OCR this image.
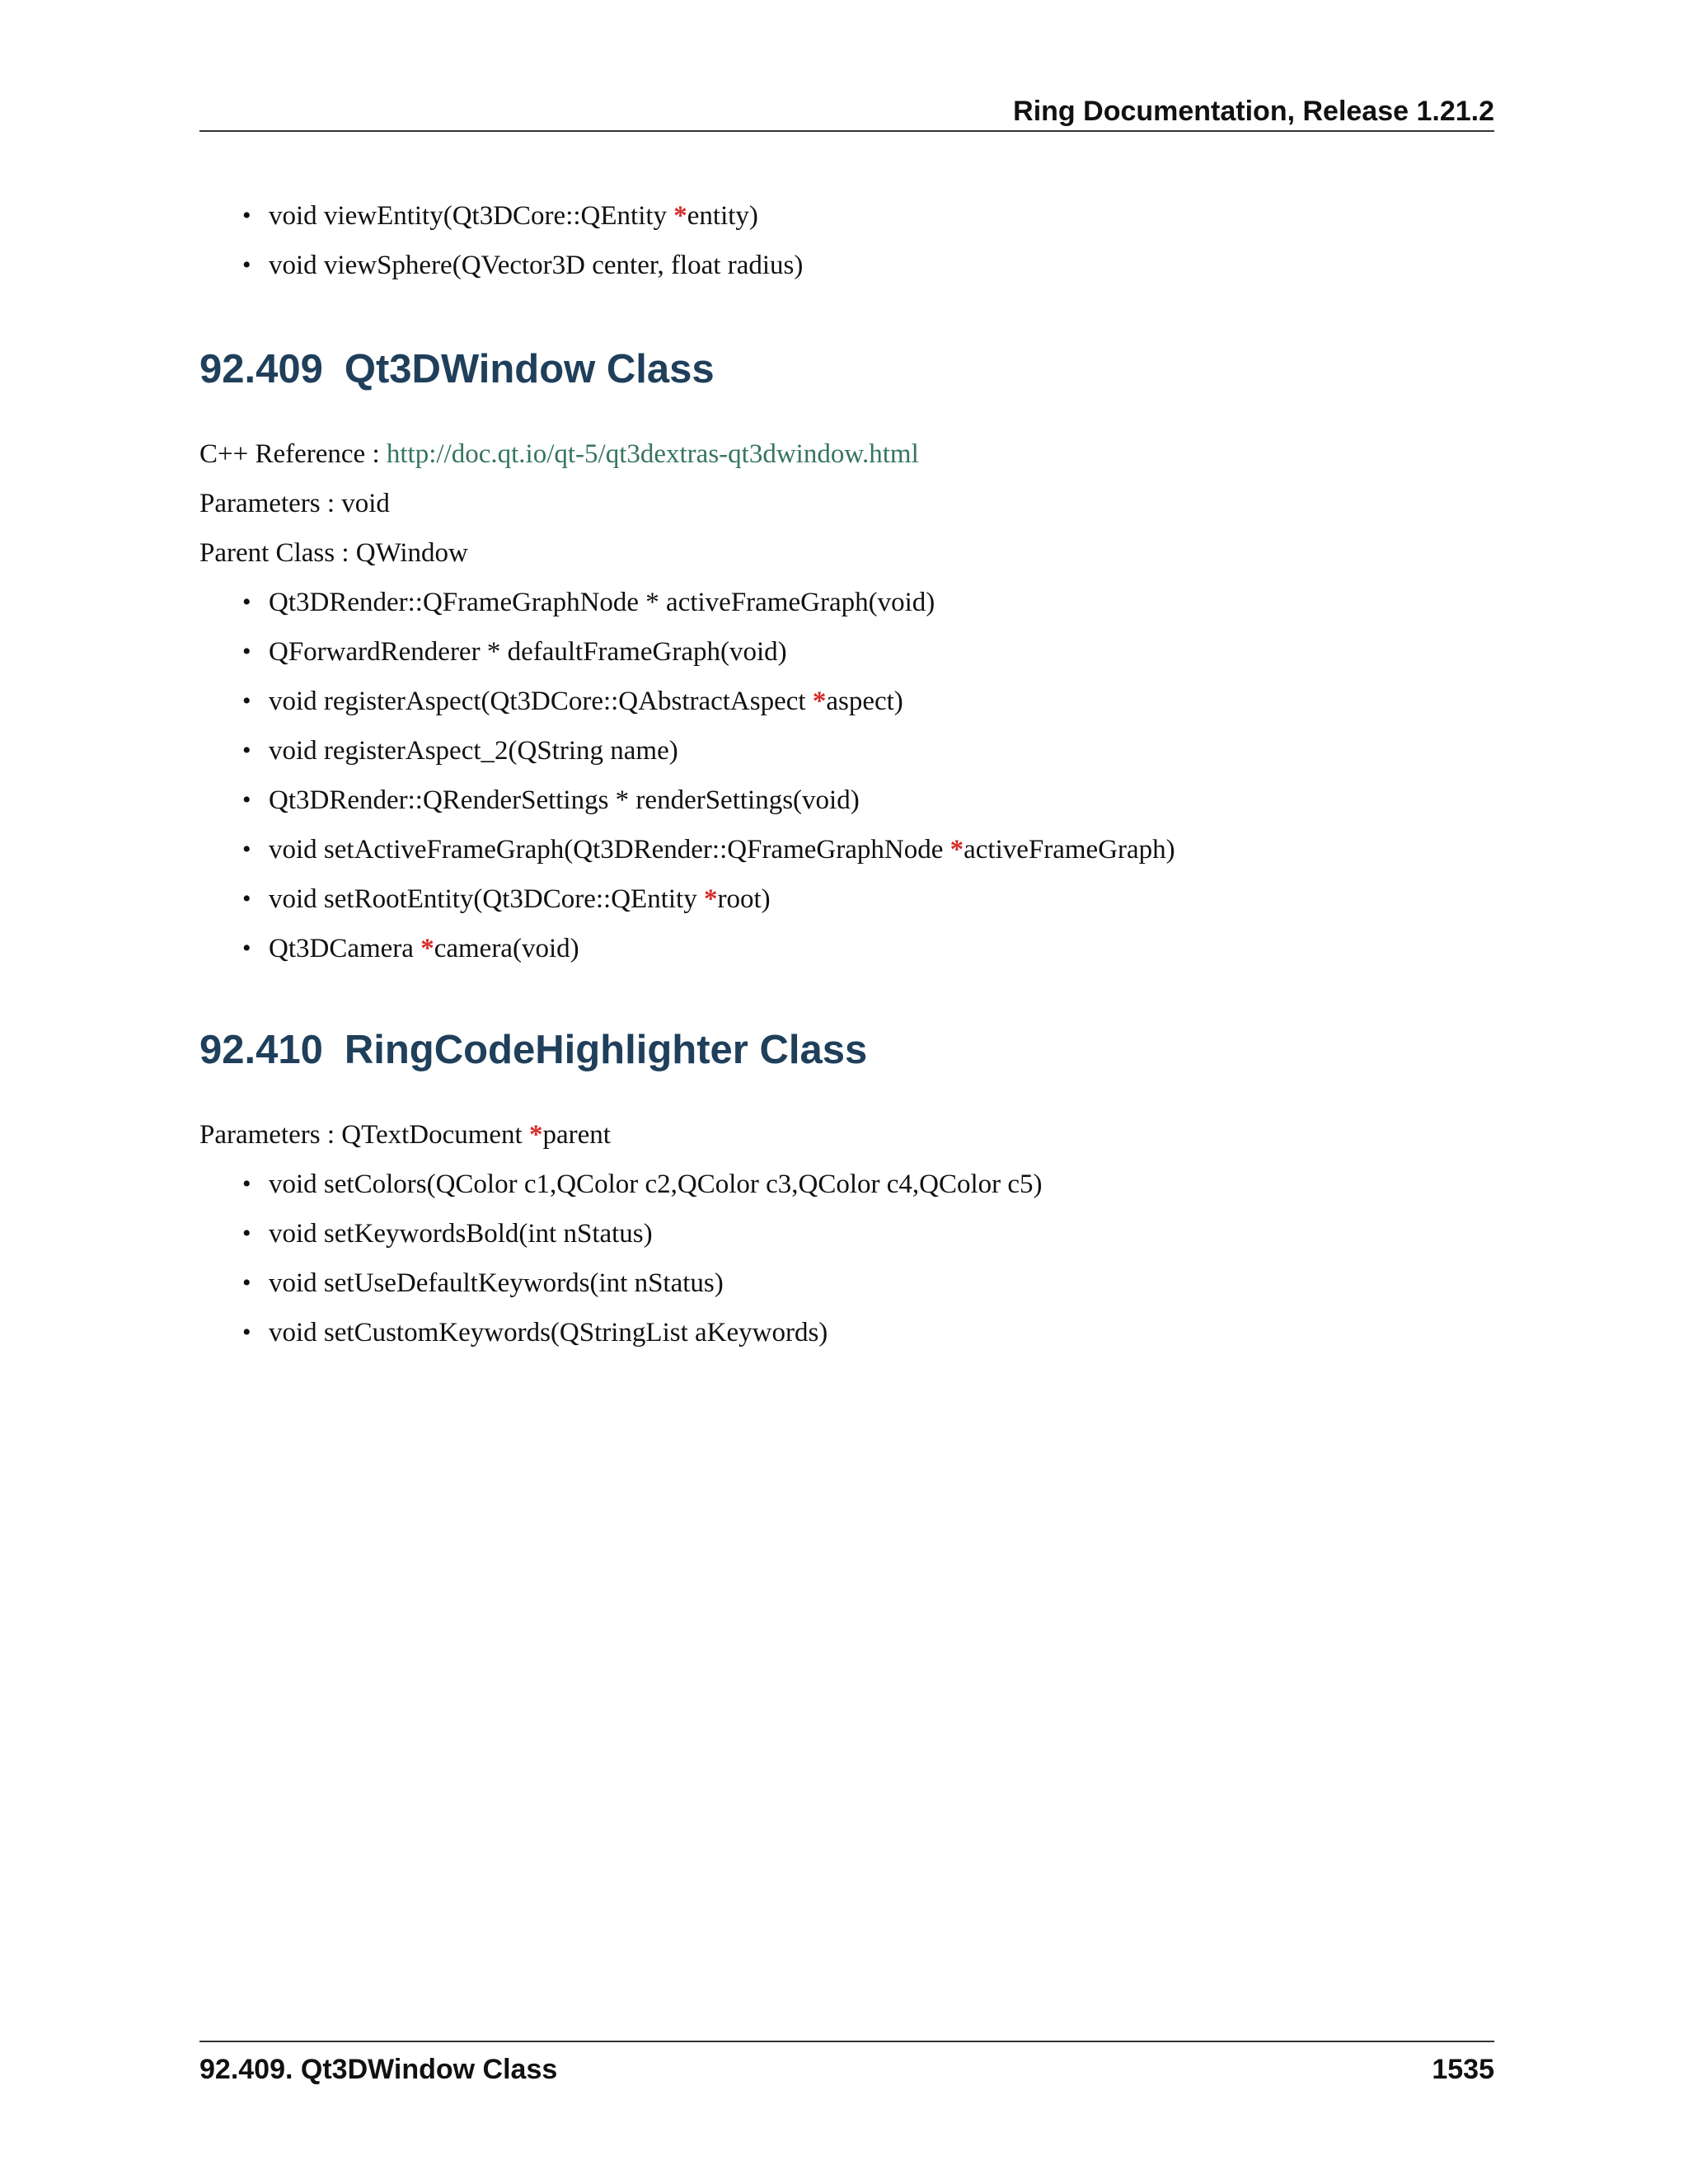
Ring Documentation, Release 1.21.2
• void viewEntity(Qt3DCore::QEntity *entity)
• void viewSphere(QVector3D center, float radius)
92.409 Qt3DWindow Class
C++ Reference : http://doc.qt.io/qt-5/qt3dextras-qt3dwindow.html
Parameters : void
Parent Class : QWindow
• Qt3DRender::QFrameGraphNode * activeFrameGraph(void)
• QForwardRenderer * defaultFrameGraph(void)
• void registerAspect(Qt3DCore::QAbstractAspect *aspect)
• void registerAspect_2(QString name)
• Qt3DRender::QRenderSettings * renderSettings(void)
• void setActiveFrameGraph(Qt3DRender::QFrameGraphNode *activeFrameGraph)
• void setRootEntity(Qt3DCore::QEntity *root)
• Qt3DCamera *camera(void)
92.410 RingCodeHighlighter Class
Parameters : QTextDocument *parent
• void setColors(QColor c1,QColor c2,QColor c3,QColor c4,QColor c5)
• void setKeywordsBold(int nStatus)
• void setUseDefaultKeywords(int nStatus)
• void setCustomKeywords(QStringList aKeywords)
92.409. Qt3DWindow Class	1535
